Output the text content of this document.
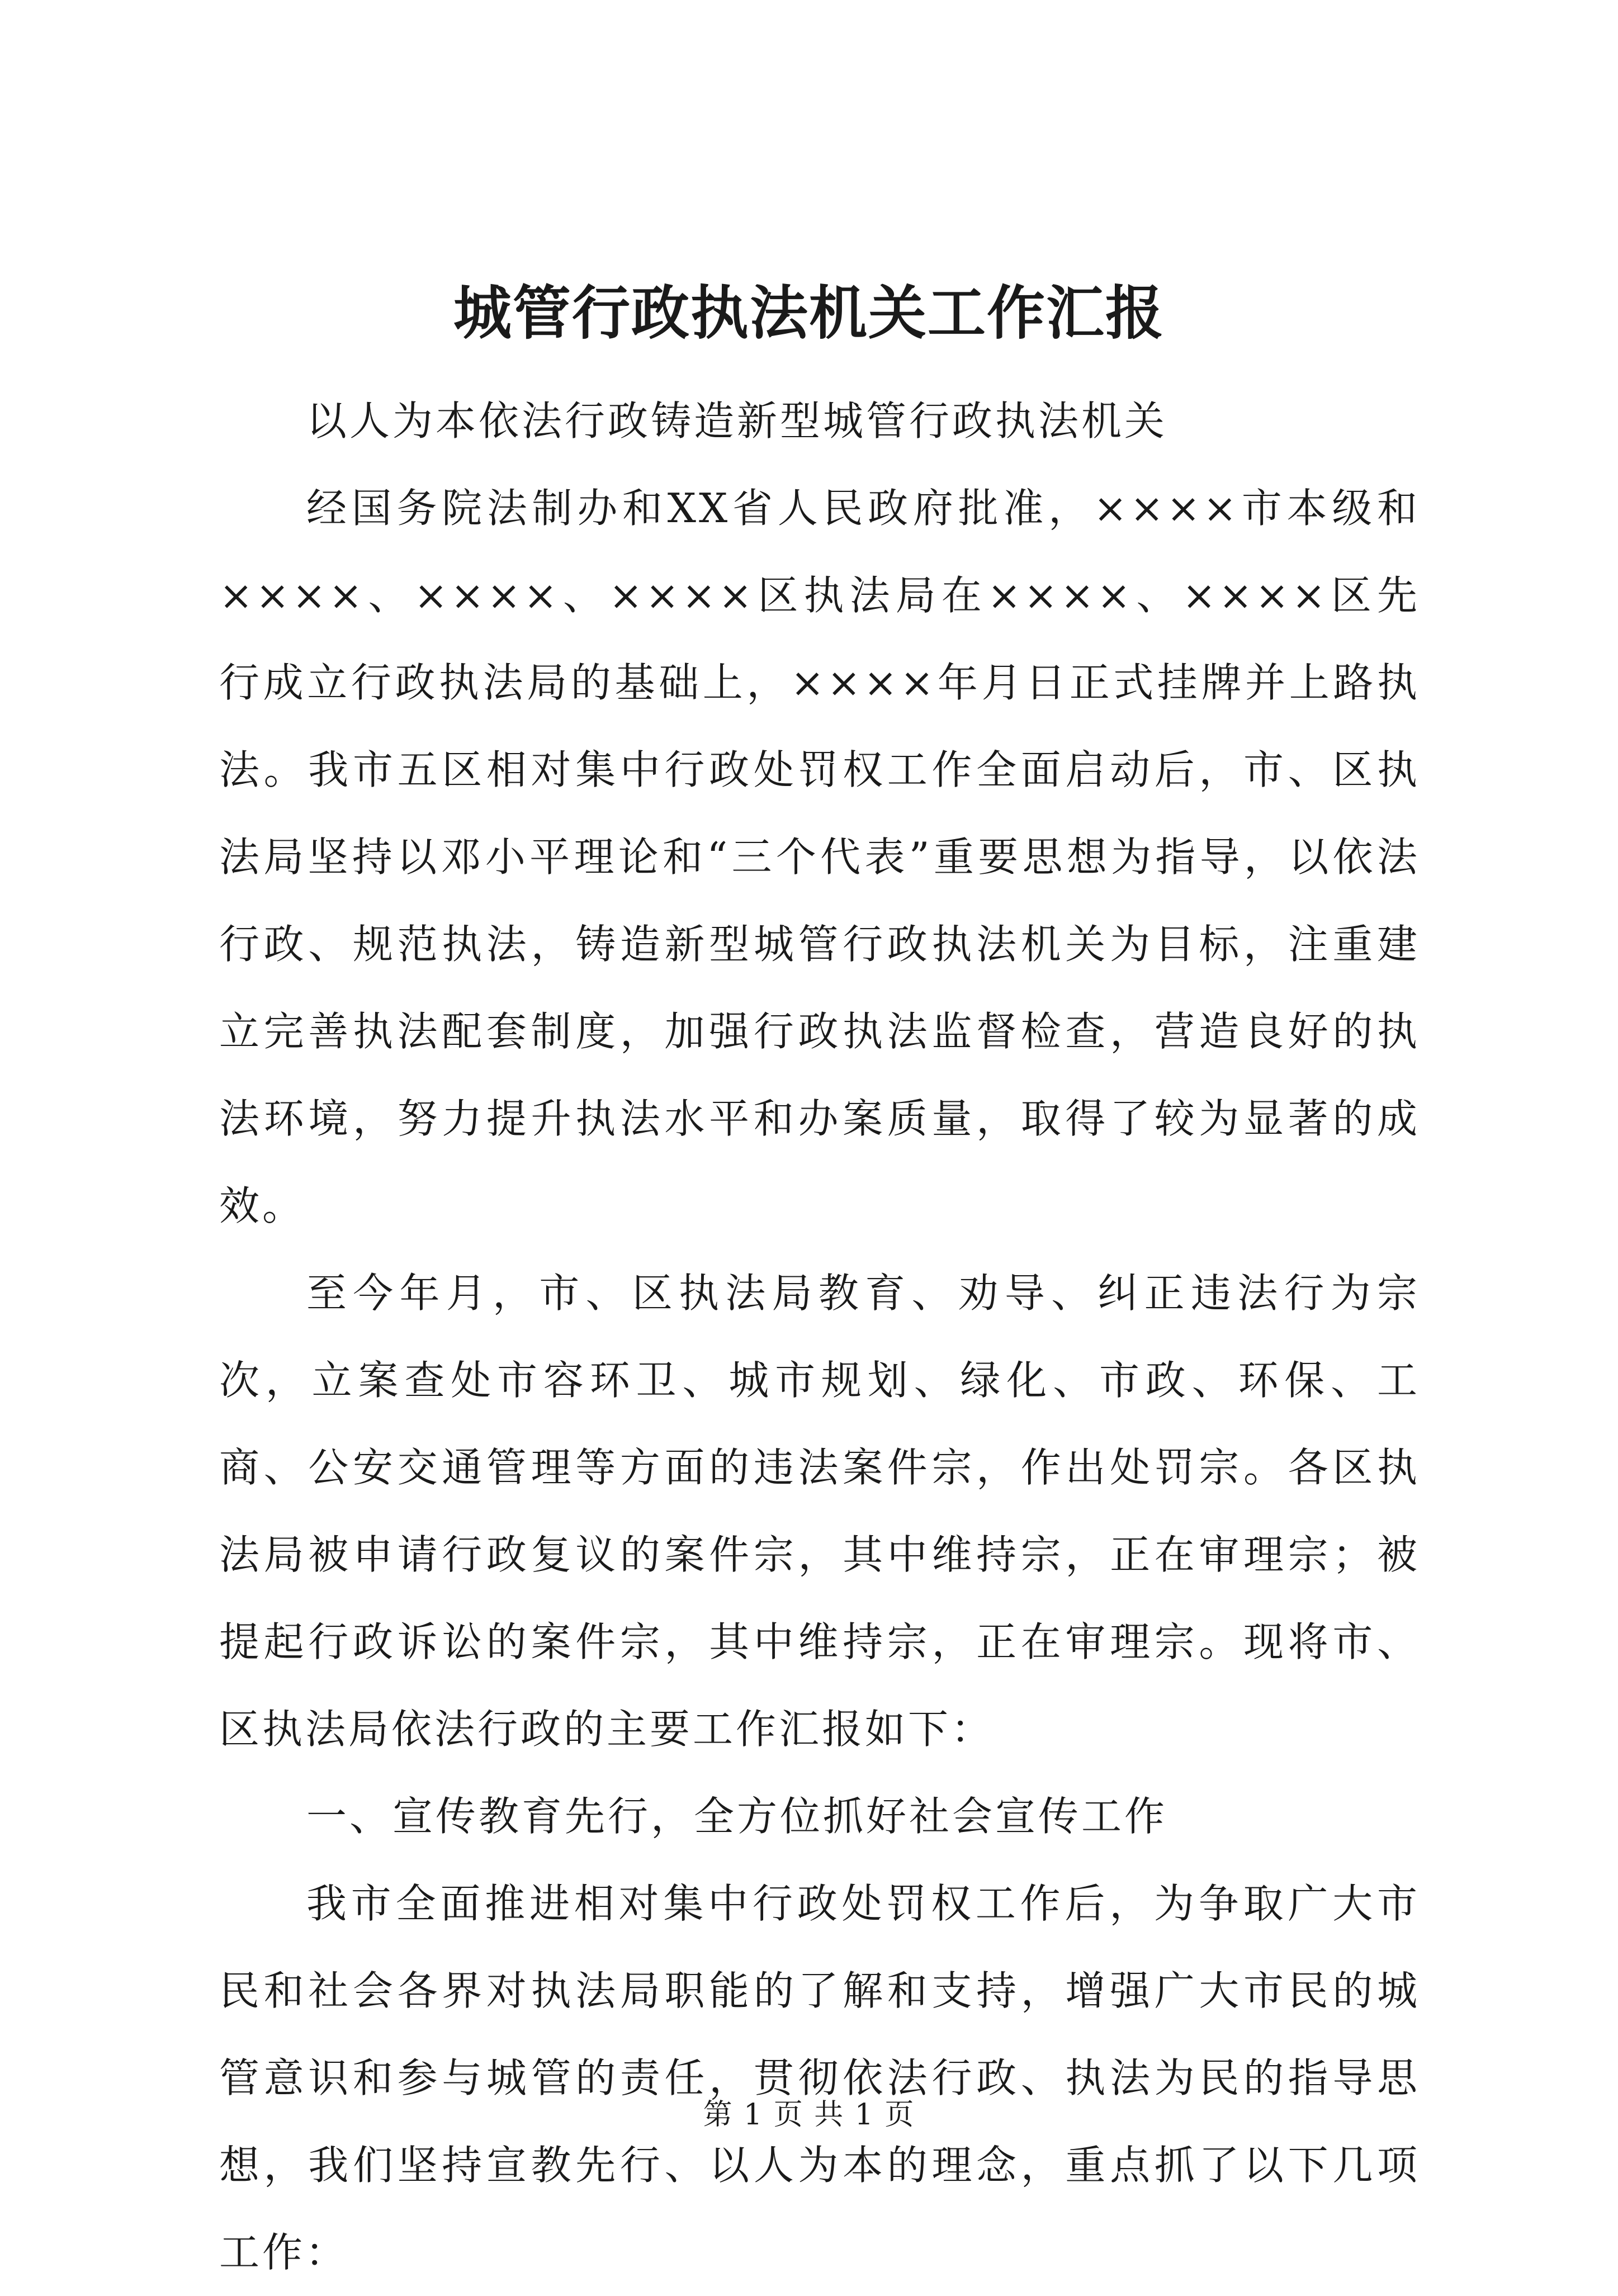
城管行政执法机关工作汇报

以人为本依法行政铸造新型城管行政执法机关

经国务院法制办和XX省人民政府批准，××××市本级和××××、××××、××××区执法局在××××、××××区先行成立行政执法局的基础上，××××年月日正式挂牌并上路执法。我市五区相对集中行政处罚权工作全面启动后，市、区执法局坚持以邓小平理论和“三个代表”重要思想为指导，以依法行政、规范执法，铸造新型城管行政执法机关为目标，注重建立完善执法配套制度，加强行政执法监督检查，营造良好的执法环境，努力提升执法水平和办案质量，取得了较为显著的成效。

至今年月，市、区执法局教育、劝导、纠正违法行为宗次，立案查处市容环卫、城市规划、绿化、市政、环保、工商、公安交通管理等方面的违法案件宗，作出处罚宗。各区执法局被申请行政复议的案件宗，其中维持宗，正在审理宗；被提起行政诉讼的案件宗，其中维持宗，正在审理宗。现将市、区执法局依法行政的主要工作汇报如下：

一、宣传教育先行，全方位抓好社会宣传工作

我市全面推进相对集中行政处罚权工作后，为争取广大市民和社会各界对执法局职能的了解和支持，增强广大市民的城管意识和参与城管的责任，贯彻依法行政、执法为民的指导思想，我们坚持宣教先行、以人为本的理念，重点抓了以下几项工作：

第 1 页 共 1 页
